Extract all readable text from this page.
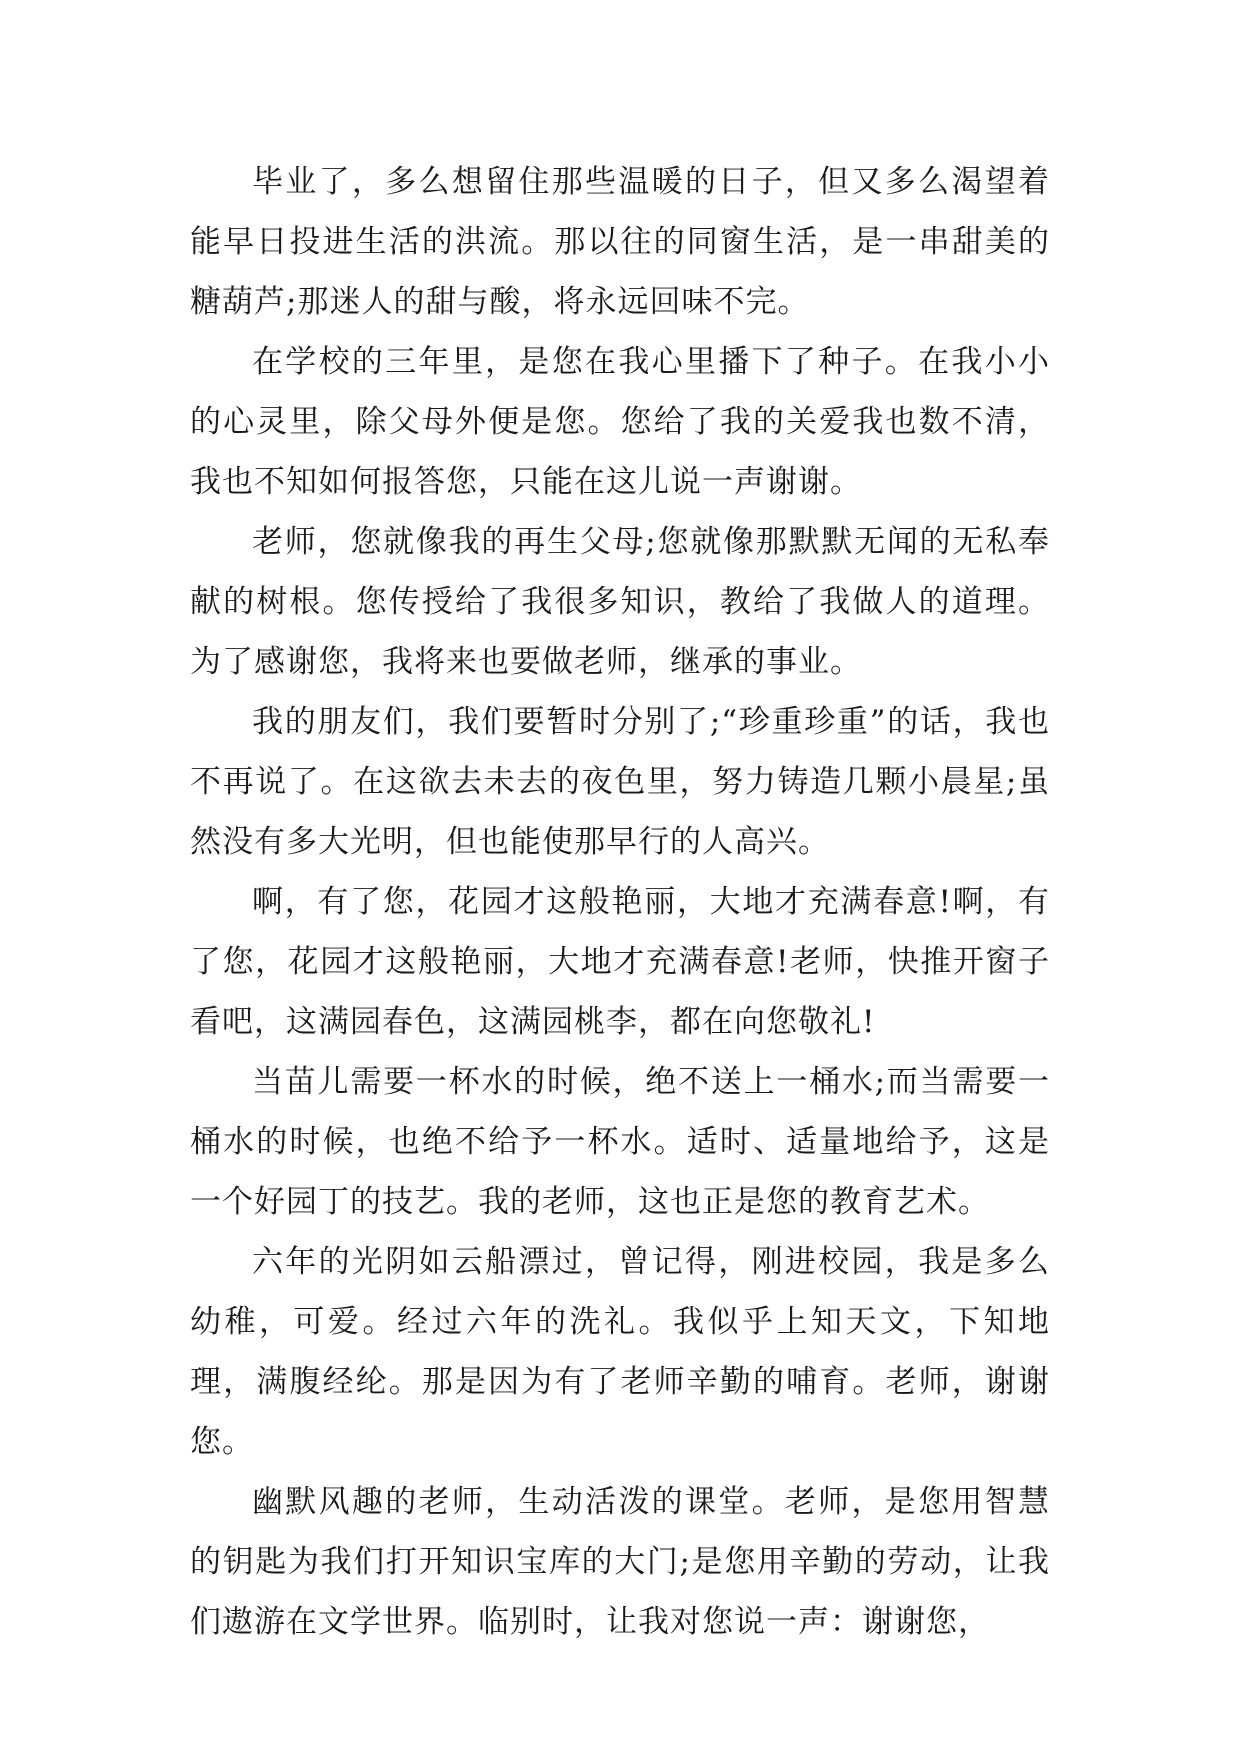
毕业了，多么想留住那些温暖的日子，但又多么渴望着能早日投进生活的洪流。那以往的同窗生活，是一串甜美的糖葫芦;那迷人的甜与酸，将永远回味不完。

在学校的三年里，是您在我心里播下了种子。在我小小的心灵里，除父母外便是您。您给了我的关爱我也数不清，我也不知如何报答您，只能在这儿说一声谢谢。

老师，您就像我的再生父母;您就像那默默无闻的无私奉献的树根。您传授给了我很多知识，教给了我做人的道理。为了感谢您，我将来也要做老师，继承的事业。

我的朋友们，我们要暂时分别了;“珍重珍重”的话，我也不再说了。在这欲去未去的夜色里，努力铸造几颗小晨星;虽然没有多大光明，但也能使那早行的人高兴。

啊，有了您，花园才这般艳丽，大地才充满春意!啊，有了您，花园才这般艳丽，大地才充满春意!老师，快推开窗子看吧，这满园春色，这满园桃李，都在向您敬礼!

当苗儿需要一杯水的时候，绝不送上一桶水;而当需要一桶水的时候，也绝不给予一杯水。适时、适量地给予，这是一个好园丁的技艺。我的老师，这也正是您的教育艺术。

六年的光阴如云船漂过，曾记得，刚进校园，我是多么幼稚，可爱。经过六年的洗礼。我似乎上知天文，下知地理，满腹经纶。那是因为有了老师辛勤的哺育。老师，谢谢您。

幽默风趣的老师，生动活泼的课堂。老师，是您用智慧的钥匙为我们打开知识宝库的大门;是您用辛勤的劳动，让我们遨游在文学世界。临别时，让我对您说一声：谢谢您，
